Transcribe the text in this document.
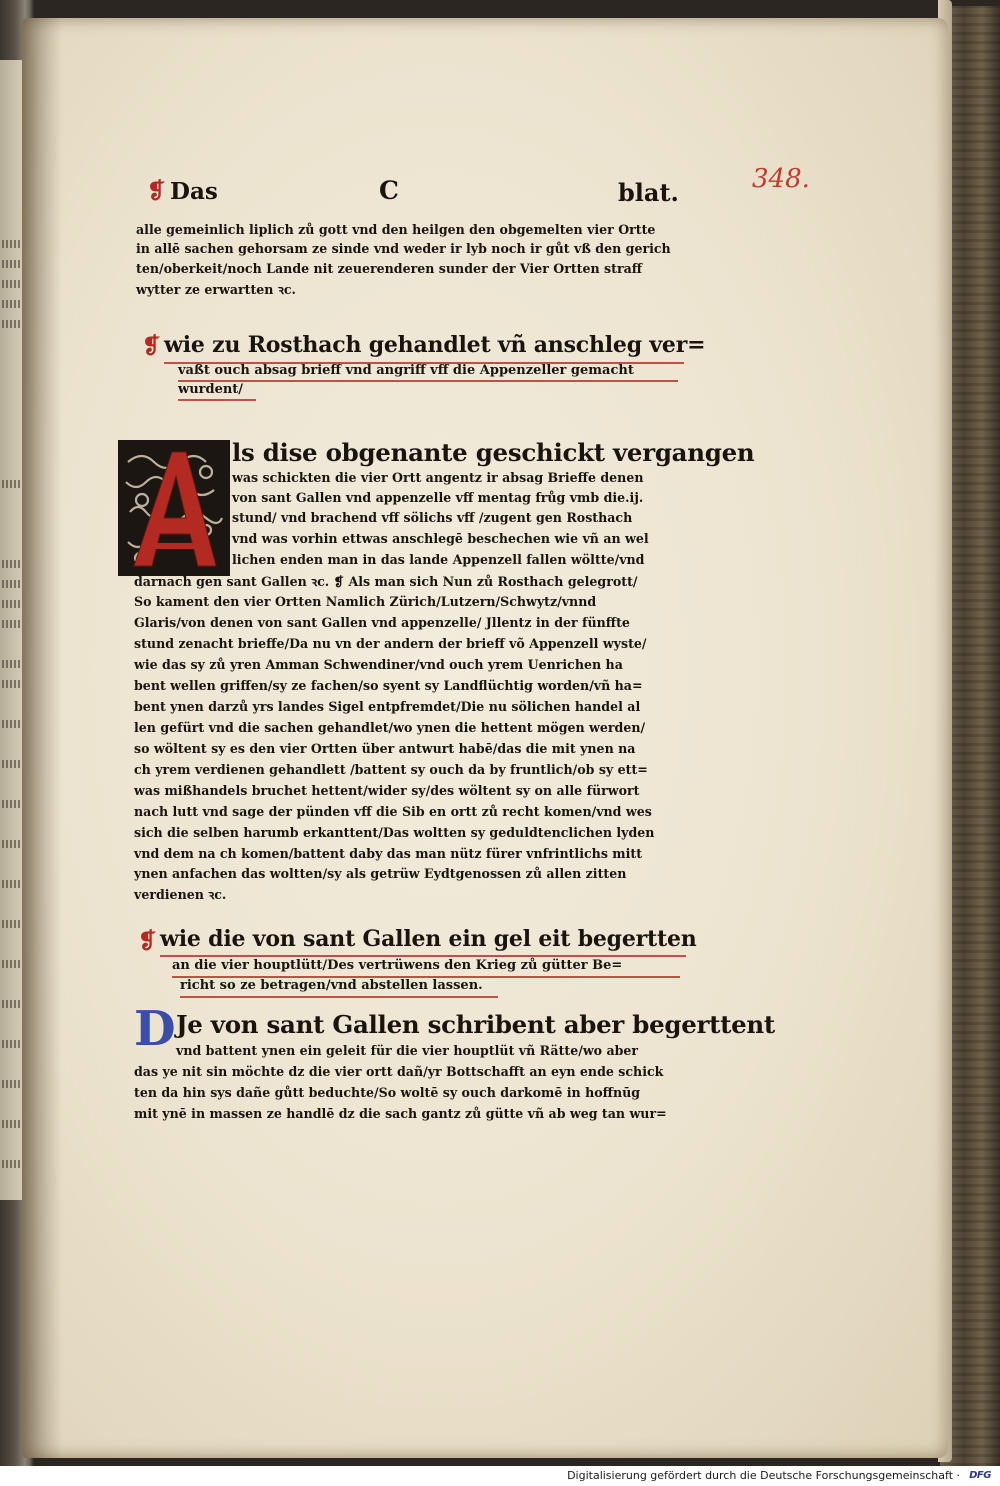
348.
❡ Das	C	blat.
alle gemeinlich liplich zů gott vnd den heilgen den obgemelten vier Ortte
in allē sachen gehorsam ze sinde vnd weder ir lyb noch ir gůt vß den gerich
ten/oberkeit/noch Lande nit zeuerenderen sunder der Vier Ortten straff
wytter ze erwartten ꝛc.
❡ wie zu Rosthach gehandlet vñ anschleg ver=
vaßt ouch absag brieff vnd angriff vff die Appenzeller gemacht
wurdent/
ls dise obgenante geschickt vergangen
was schickten die vier Ortt angentz ir absag Brieffe denen
von sant Gallen vnd appenzelle vff mentag frůg vmb die.ij.
stund/ vnd brachend vff sölichs vff /zugent gen Rosthach
vnd was vorhin ettwas anschlegē beschechen wie vñ an wel
lichen enden man in das lande Appenzell fallen wöltte/vnd
darnach gen sant Gallen ꝛc. ❡ Als man sich Nun zů Rosthach gelegrott/
So kament den vier Ortten Namlich Zürich/Lutzern/Schwytz/vnnd
Glaris/von denen von sant Gallen vnd appenzelle/ Jllentz in der fünffte
stund zenacht brieffe/Da nu vn der andern der brieff võ Appenzell wyste/
wie das sy zů yren Amman Schwendiner/vnd ouch yrem Uenrichen ha
bent wellen griffen/sy ze fachen/so syent sy Landflüchtig worden/vñ ha=
bent ynen darzů yrs landes Sigel entpfremdet/Die nu sölichen handel al
len gefürt vnd die sachen gehandlet/wo ynen die hettent mögen werden/
so wöltent sy es den vier Ortten über antwurt habē/das die mit ynen na
ch yrem verdienen gehandlett /battent sy ouch da by fruntlich/ob sy ett=
was mißhandels bruchet hettent/wider sy/des wöltent sy on alle fürwort
nach lutt vnd sage der pünden vff die Sib en ortt zů recht komen/vnd wes
sich die selben harumb erkanttent/Das woltten sy geduldtenclichen lyden
vnd dem na ch komen/battent daby das man nütz fürer vnfrintlichs mitt
ynen anfachen das woltten/sy als getrüw Eydtgenossen zů allen zitten
verdienen ꝛc.
❡ wie die von sant Gallen ein gel eit begertten
an die vier houptlütt/Des vertrüwens den Krieg zů gütter Be=
richt so ze betragen/vnd abstellen lassen.
D Je von sant Gallen schribent aber begerttent
vnd battent ynen ein geleit für die vier houptlüt vñ Rätte/wo aber
das ye nit sin möchte dz die vier ortt dañ/yr Bottschafft an eyn ende schick
ten da hin sys dañe gůtt beduchte/So woltē sy ouch darkomē in hoffnūg
mit ynē in massen ze handlē dz die sach gantz zů gütte vñ ab weg tan wur=
Digitalisierung gefördert durch die Deutsche Forschungsgemeinschaft · DFG
